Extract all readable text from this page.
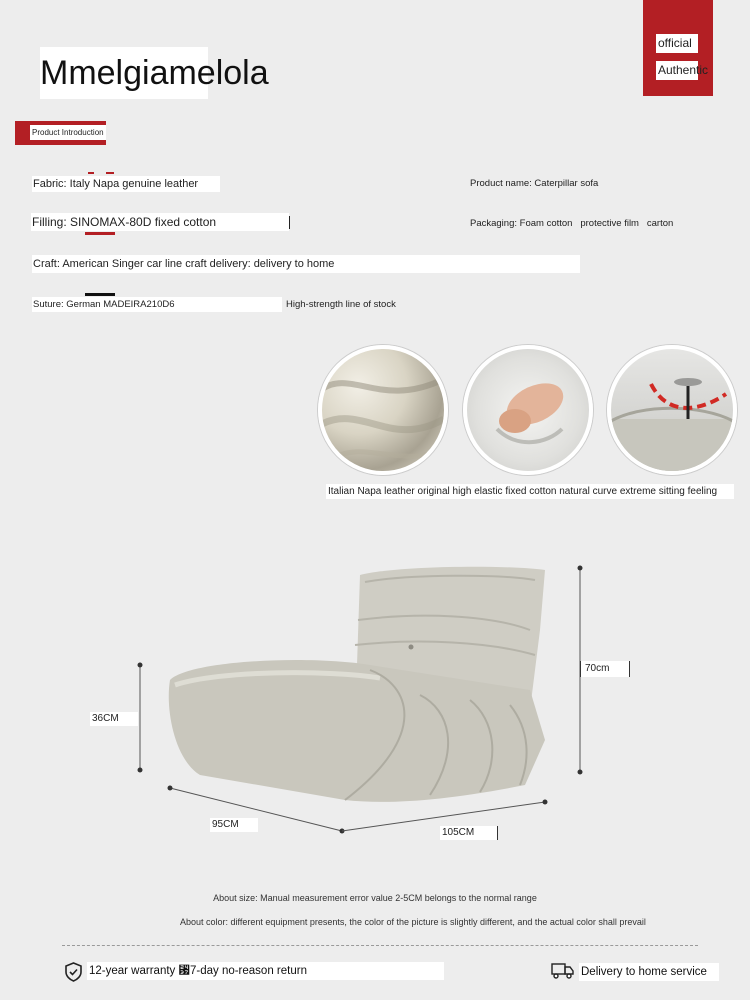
Mmelgiamelola
official
Authentic
Product Introduction
Fabric: Italy Napa genuine leather
Filling: SINOMAX-80D fixed cotton
Craft: American Singer car line craft delivery: delivery to home
Suture: German MADEIRA210D6	High-strength line of stock
Product name: Caterpillar sofa
Packaging: Foam cotton   protective film   carton
Italian Napa leather original high elastic fixed cotton natural curve extreme sitting feeling
70cm
36CM
95CM
105CM
About size: Manual measurement error value 2-5CM belongs to the normal range
About color: different equipment presents, the color of the picture is slightly different, and the actual color shall prevail
12-year warranty ␷7-day no-reason return	Delivery to home service
